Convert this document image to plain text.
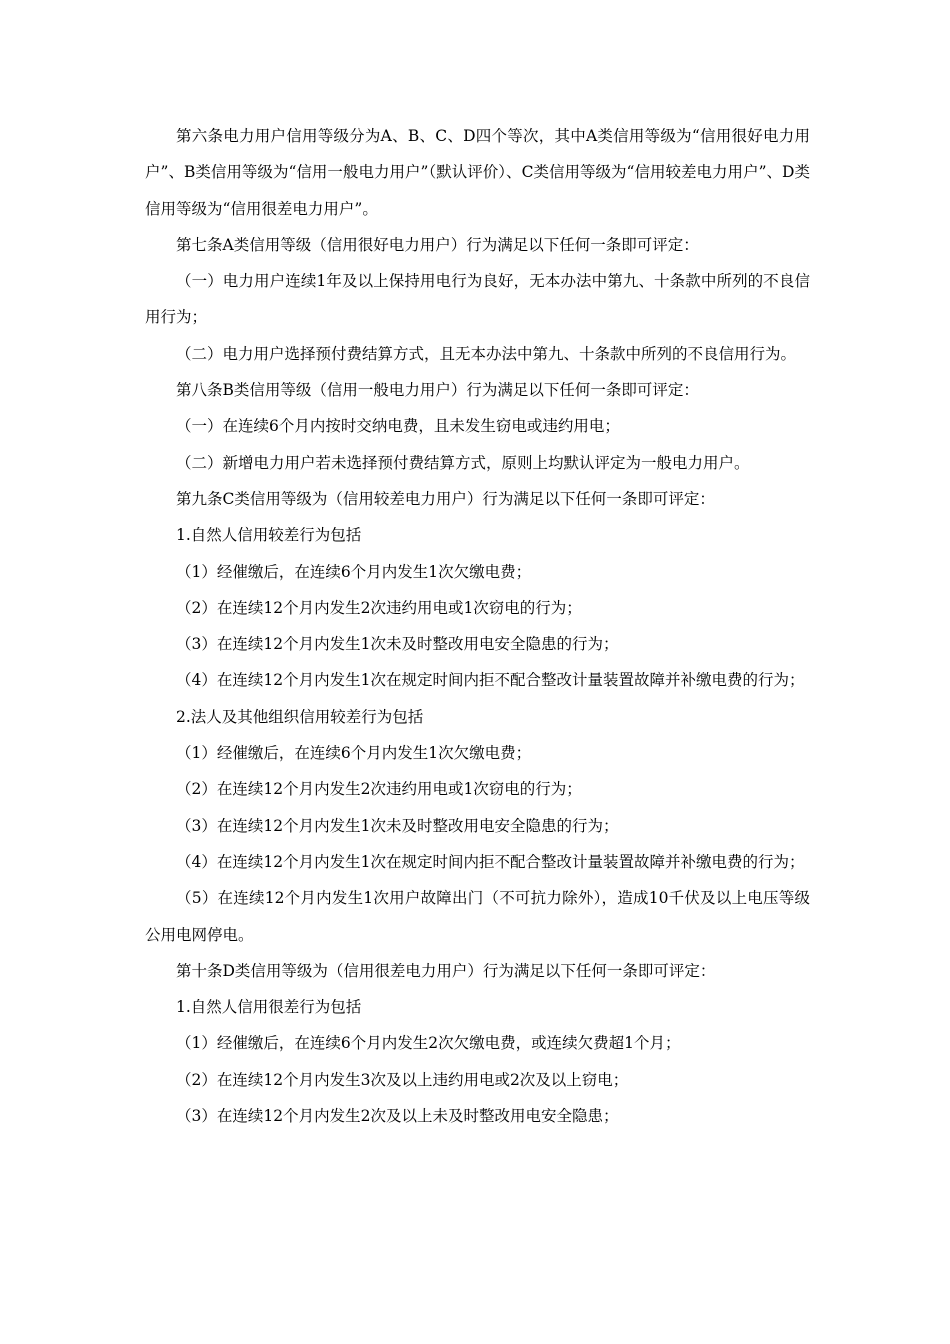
第六条电力用户信用等级分为A、B、C、D四个等次，其中A类信用等级为“信用很好电力用户”、B类信用等级为“信用一般电力用户”（默认评价）、C类信用等级为“信用较差电力用户”、D类信用等级为“信用很差电力用户”。

第七条A类信用等级（信用很好电力用户）行为满足以下任何一条即可评定：

（一）电力用户连续1年及以上保持用电行为良好，无本办法中第九、十条款中所列的不良信用行为；

（二）电力用户选择预付费结算方式，且无本办法中第九、十条款中所列的不良信用行为。

第八条B类信用等级（信用一般电力用户）行为满足以下任何一条即可评定：

（一）在连续6个月内按时交纳电费，且未发生窃电或违约用电；

（二）新增电力用户若未选择预付费结算方式，原则上均默认评定为一般电力用户。

第九条C类信用等级为（信用较差电力用户）行为满足以下任何一条即可评定：

1.自然人信用较差行为包括

（1）经催缴后，在连续6个月内发生1次欠缴电费；

（2）在连续12个月内发生2次违约用电或1次窃电的行为；

（3）在连续12个月内发生1次未及时整改用电安全隐患的行为；

（4）在连续12个月内发生1次在规定时间内拒不配合整改计量装置故障并补缴电费的行为；

2.法人及其他组织信用较差行为包括

（1）经催缴后，在连续6个月内发生1次欠缴电费；

（2）在连续12个月内发生2次违约用电或1次窃电的行为；

（3）在连续12个月内发生1次未及时整改用电安全隐患的行为；

（4）在连续12个月内发生1次在规定时间内拒不配合整改计量装置故障并补缴电费的行为；

（5）在连续12个月内发生1次用户故障出门（不可抗力除外），造成10千伏及以上电压等级公用电网停电。

第十条D类信用等级为（信用很差电力用户）行为满足以下任何一条即可评定：

1.自然人信用很差行为包括

（1）经催缴后，在连续6个月内发生2次欠缴电费，或连续欠费超1个月；

（2）在连续12个月内发生3次及以上违约用电或2次及以上窃电；

（3）在连续12个月内发生2次及以上未及时整改用电安全隐患；
